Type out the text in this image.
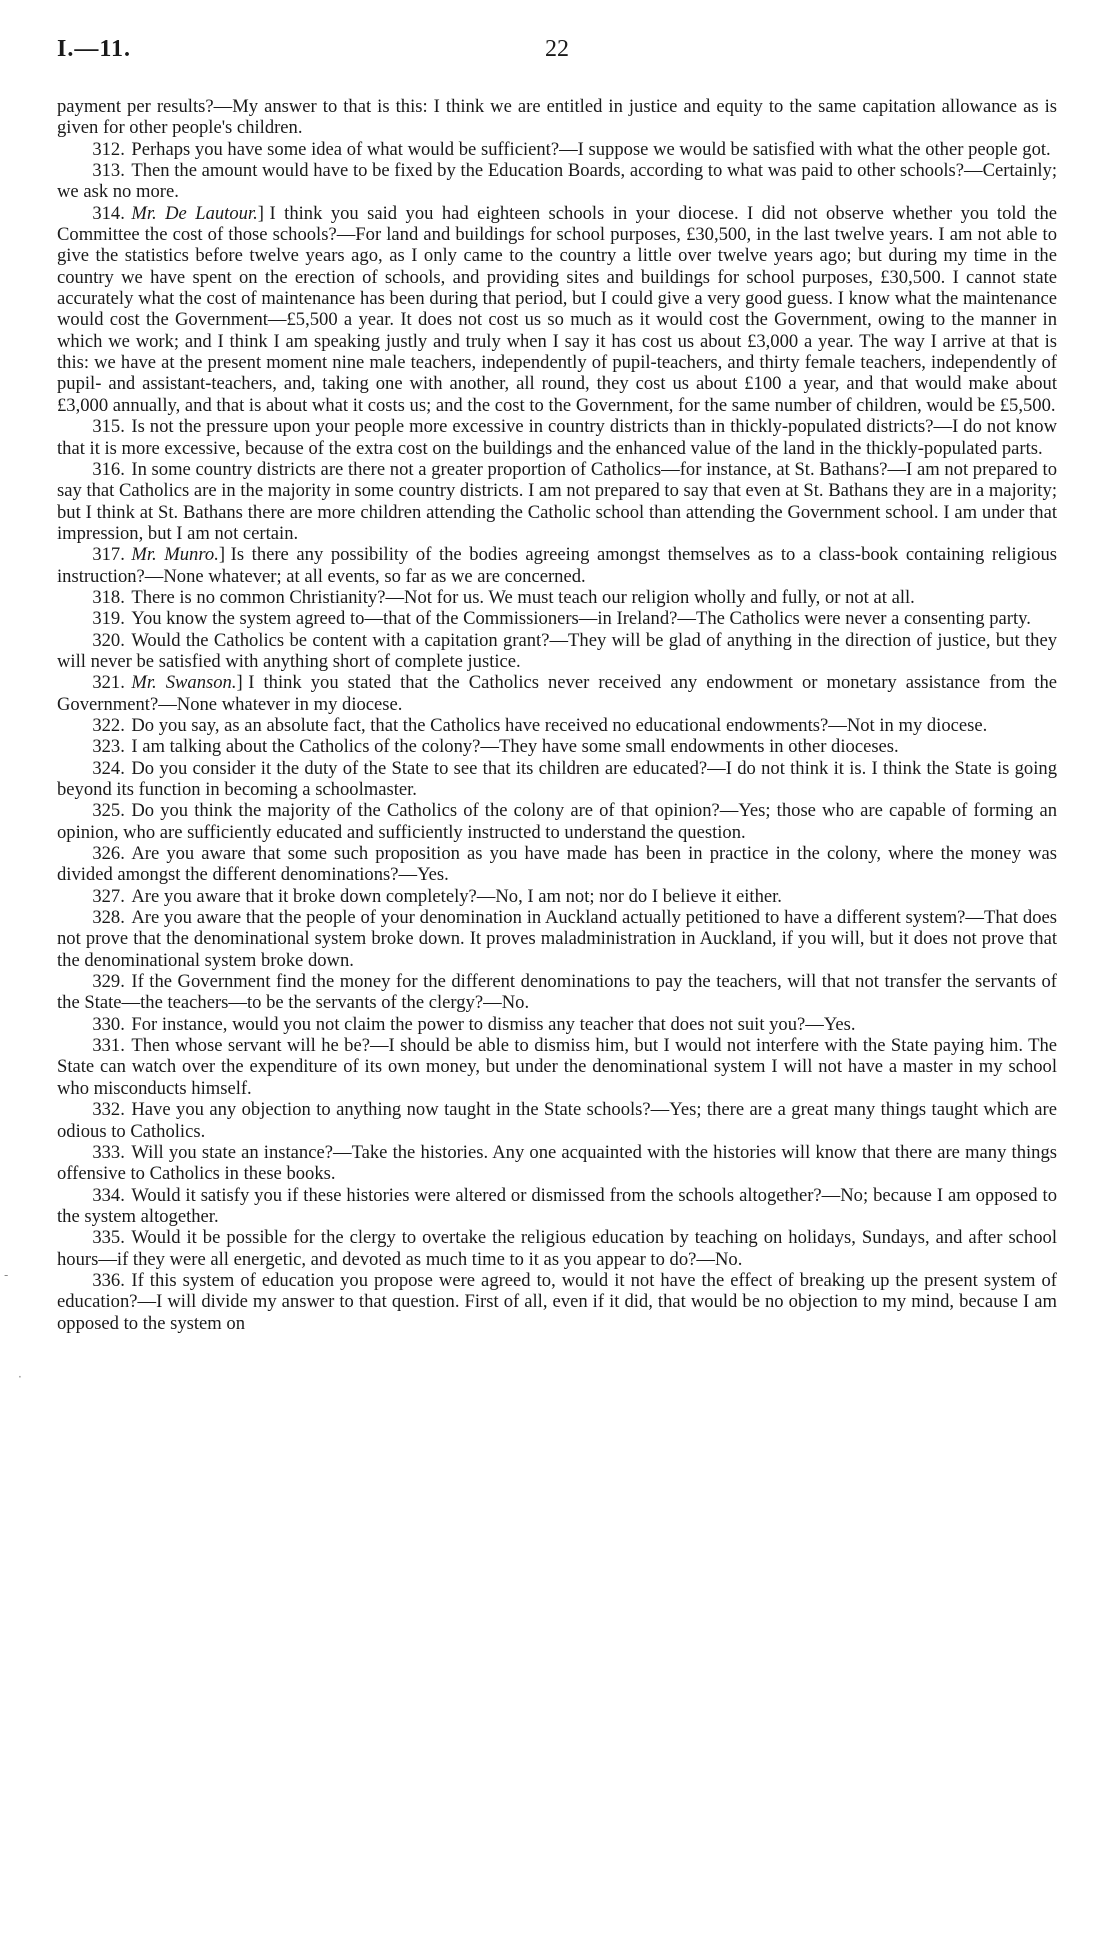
I.—11.	22
-
·

payment per results?—My answer to that is this: I think we are entitled in justice and equity to the same capitation allowance as is given for other people's children.

312. Perhaps you have some idea of what would be sufficient?—I suppose we would be satisfied with what the other people got.

313. Then the amount would have to be fixed by the Education Boards, according to what was paid to other schools?—Certainly; we ask no more.

314. Mr. De Lautour.] I think you said you had eighteen schools in your diocese. I did not observe whether you told the Committee the cost of those schools?—For land and buildings for school purposes, £30,500, in the last twelve years. I am not able to give the statistics before twelve years ago, as I only came to the country a little over twelve years ago; but during my time in the country we have spent on the erection of schools, and providing sites and buildings for school purposes, £30,500. I cannot state accurately what the cost of maintenance has been during that period, but I could give a very good guess. I know what the maintenance would cost the Government—£5,500 a year. It does not cost us so much as it would cost the Government, owing to the manner in which we work; and I think I am speaking justly and truly when I say it has cost us about £3,000 a year. The way I arrive at that is this: we have at the present moment nine male teachers, independently of pupil-teachers, and thirty female teachers, independently of pupil- and assistant-teachers, and, taking one with another, all round, they cost us about £100 a year, and that would make about £3,000 annually, and that is about what it costs us; and the cost to the Government, for the same number of children, would be £5,500.

315. Is not the pressure upon your people more excessive in country districts than in thickly-populated districts?—I do not know that it is more excessive, because of the extra cost on the buildings and the enhanced value of the land in the thickly-populated parts.

316. In some country districts are there not a greater proportion of Catholics—for instance, at St. Bathans?—I am not prepared to say that Catholics are in the majority in some country districts. I am not prepared to say that even at St. Bathans they are in a majority; but I think at St. Bathans there are more children attending the Catholic school than attending the Government school. I am under that impression, but I am not certain.

317. Mr. Munro.] Is there any possibility of the bodies agreeing amongst themselves as to a class-book containing religious instruction?—None whatever; at all events, so far as we are concerned.

318. There is no common Christianity?—Not for us. We must teach our religion wholly and fully, or not at all.

319. You know the system agreed to—that of the Commissioners—in Ireland?—The Catholics were never a consenting party.

320. Would the Catholics be content with a capitation grant?—They will be glad of anything in the direction of justice, but they will never be satisfied with anything short of complete justice.

321. Mr. Swanson.] I think you stated that the Catholics never received any endowment or monetary assistance from the Government?—None whatever in my diocese.

322. Do you say, as an absolute fact, that the Catholics have received no educational endowments?—Not in my diocese.

323. I am talking about the Catholics of the colony?—They have some small endowments in other dioceses.

324. Do you consider it the duty of the State to see that its children are educated?—I do not think it is. I think the State is going beyond its function in becoming a schoolmaster.

325. Do you think the majority of the Catholics of the colony are of that opinion?—Yes; those who are capable of forming an opinion, who are sufficiently educated and sufficiently instructed to understand the question.

326. Are you aware that some such proposition as you have made has been in practice in the colony, where the money was divided amongst the different denominations?—Yes.

327. Are you aware that it broke down completely?—No, I am not; nor do I believe it either.

328. Are you aware that the people of your denomination in Auckland actually petitioned to have a different system?—That does not prove that the denominational system broke down. It proves maladministration in Auckland, if you will, but it does not prove that the denominational system broke down.

329. If the Government find the money for the different denominations to pay the teachers, will that not transfer the servants of the State—the teachers—to be the servants of the clergy?—No.

330. For instance, would you not claim the power to dismiss any teacher that does not suit you?—Yes.

331. Then whose servant will he be?—I should be able to dismiss him, but I would not interfere with the State paying him. The State can watch over the expenditure of its own money, but under the denominational system I will not have a master in my school who misconducts himself.

332. Have you any objection to anything now taught in the State schools?—Yes; there are a great many things taught which are odious to Catholics.

333. Will you state an instance?—Take the histories. Any one acquainted with the histories will know that there are many things offensive to Catholics in these books.

334. Would it satisfy you if these histories were altered or dismissed from the schools altogether?—No; because I am opposed to the system altogether.

335. Would it be possible for the clergy to overtake the religious education by teaching on holidays, Sundays, and after school hours—if they were all energetic, and devoted as much time to it as you appear to do?—No.

336. If this system of education you propose were agreed to, would it not have the effect of breaking up the present system of education?—I will divide my answer to that question. First of all, even if it did, that would be no objection to my mind, because I am opposed to the system on
